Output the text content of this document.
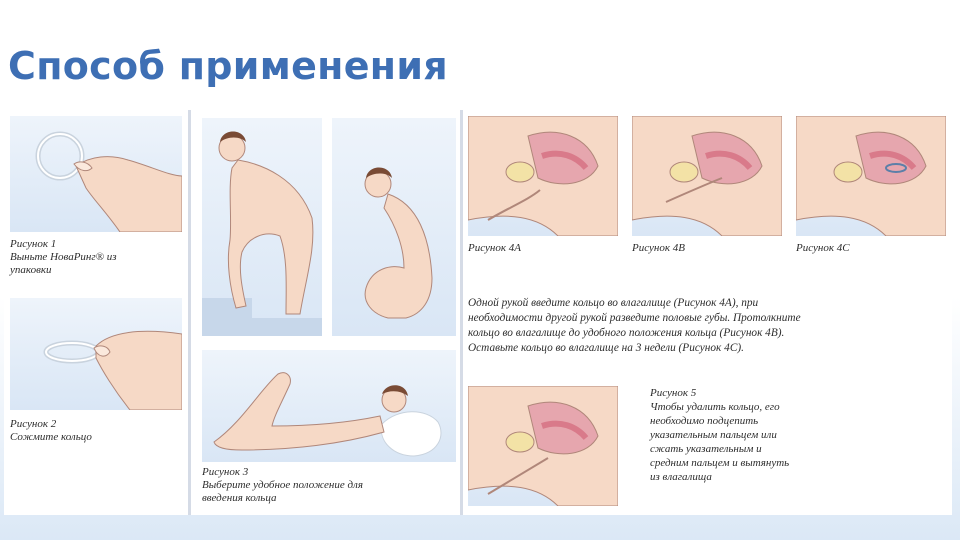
Способ применения
Рисунок 1
Выньте НоваРинг® из
упаковки
Рисунок 2
Сожмите кольцо
Рисунок 3
Выберите удобное положение для
введения кольца
Рисунок 4А	Рисунок 4В	Рисунок 4С
Одной рукой введите кольцо во влагалище (Рисунок 4А), при
необходимости другой рукой разведите половые губы. Протолкните
кольцо во влагалище до удобного положения кольца (Рисунок 4В).
Оставьте кольцо во влагалище на 3 недели (Рисунок 4С).
Рисунок 5
Чтобы удалить кольцо, его
необходимо подцепить
указательным пальцем или
сжать указательным и
средним пальцем и вытянуть
из влагалища
